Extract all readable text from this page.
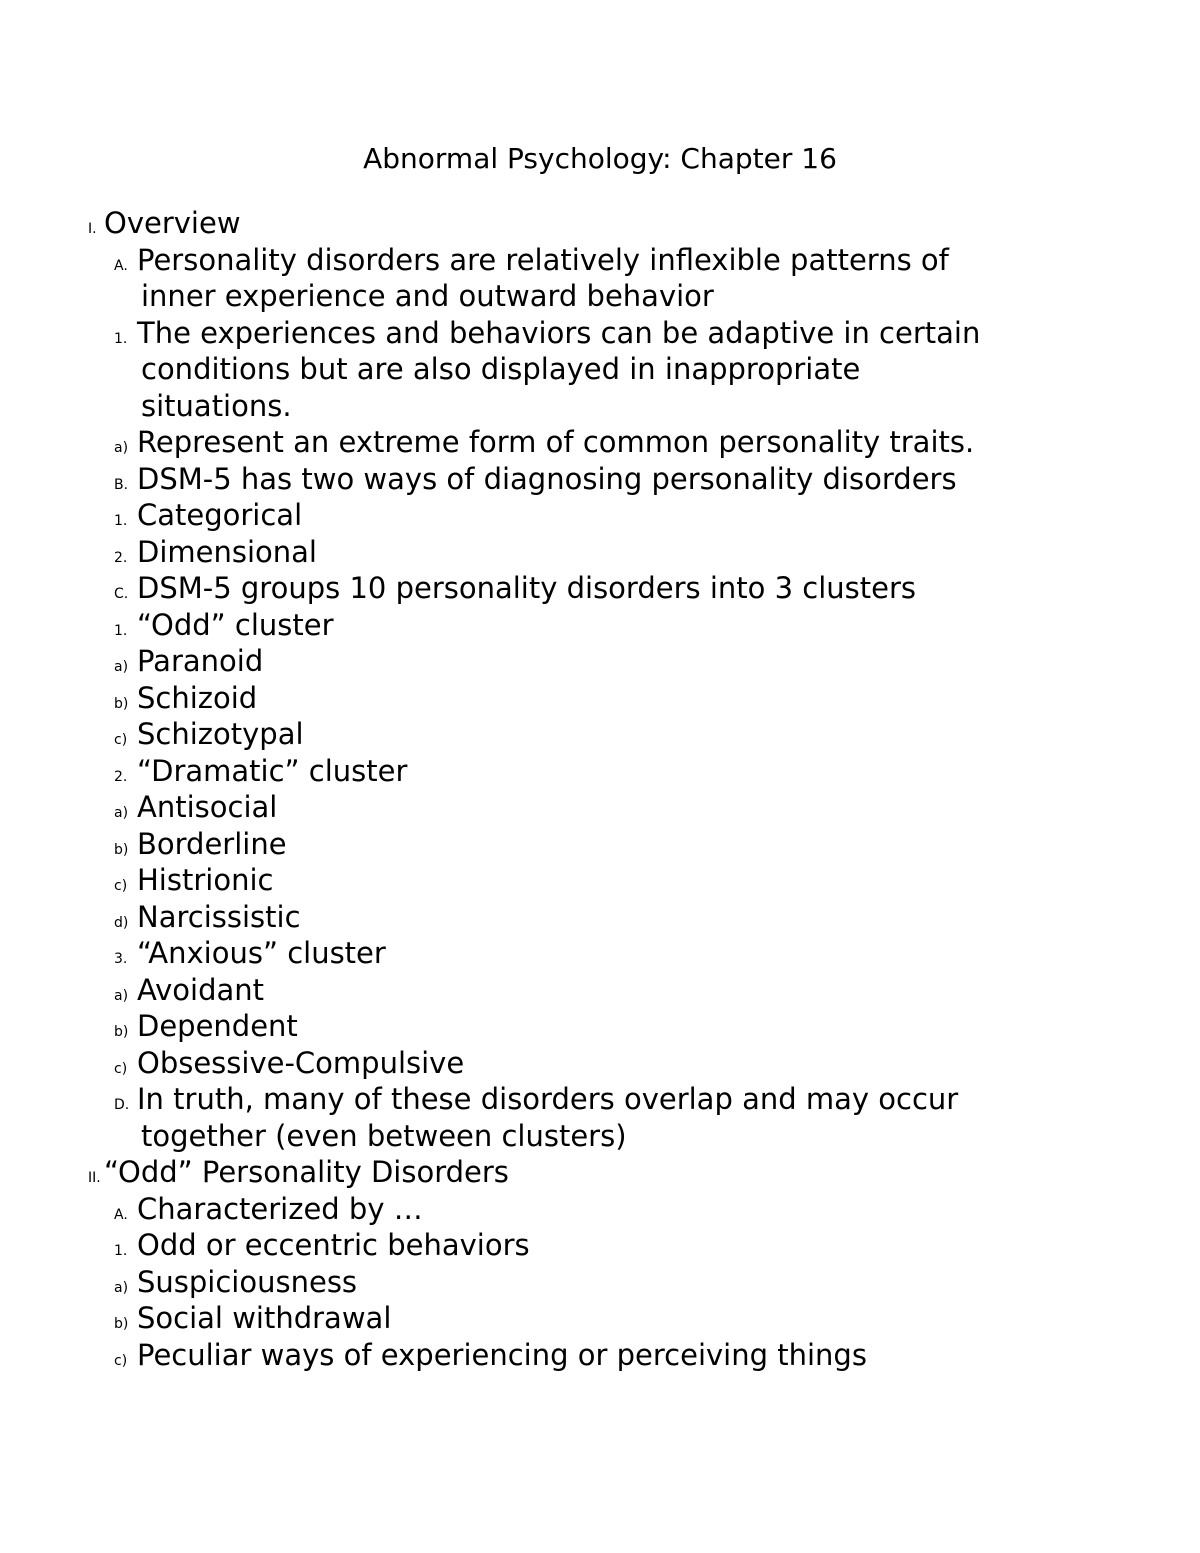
Abnormal Psychology: Chapter 16
I. Overview
A. Personality disorders are relatively inflexible patterns of
inner experience and outward behavior
1. The experiences and behaviors can be adaptive in certain
conditions but are also displayed in inappropriate
situations.
a) Represent an extreme form of common personality traits.
B. DSM-5 has two ways of diagnosing personality disorders
1. Categorical
2. Dimensional
C. DSM-5 groups 10 personality disorders into 3 clusters
1. “Odd” cluster
a) Paranoid
b) Schizoid
c) Schizotypal
2. “Dramatic” cluster
a) Antisocial
b) Borderline
c) Histrionic
d) Narcissistic
3. “Anxious” cluster
a) Avoidant
b) Dependent
c) Obsessive-Compulsive
D. In truth, many of these disorders overlap and may occur
together (even between clusters)
II. “Odd” Personality Disorders
A. Characterized by …
1. Odd or eccentric behaviors
a) Suspiciousness
b) Social withdrawal
c) Peculiar ways of experiencing or perceiving things
